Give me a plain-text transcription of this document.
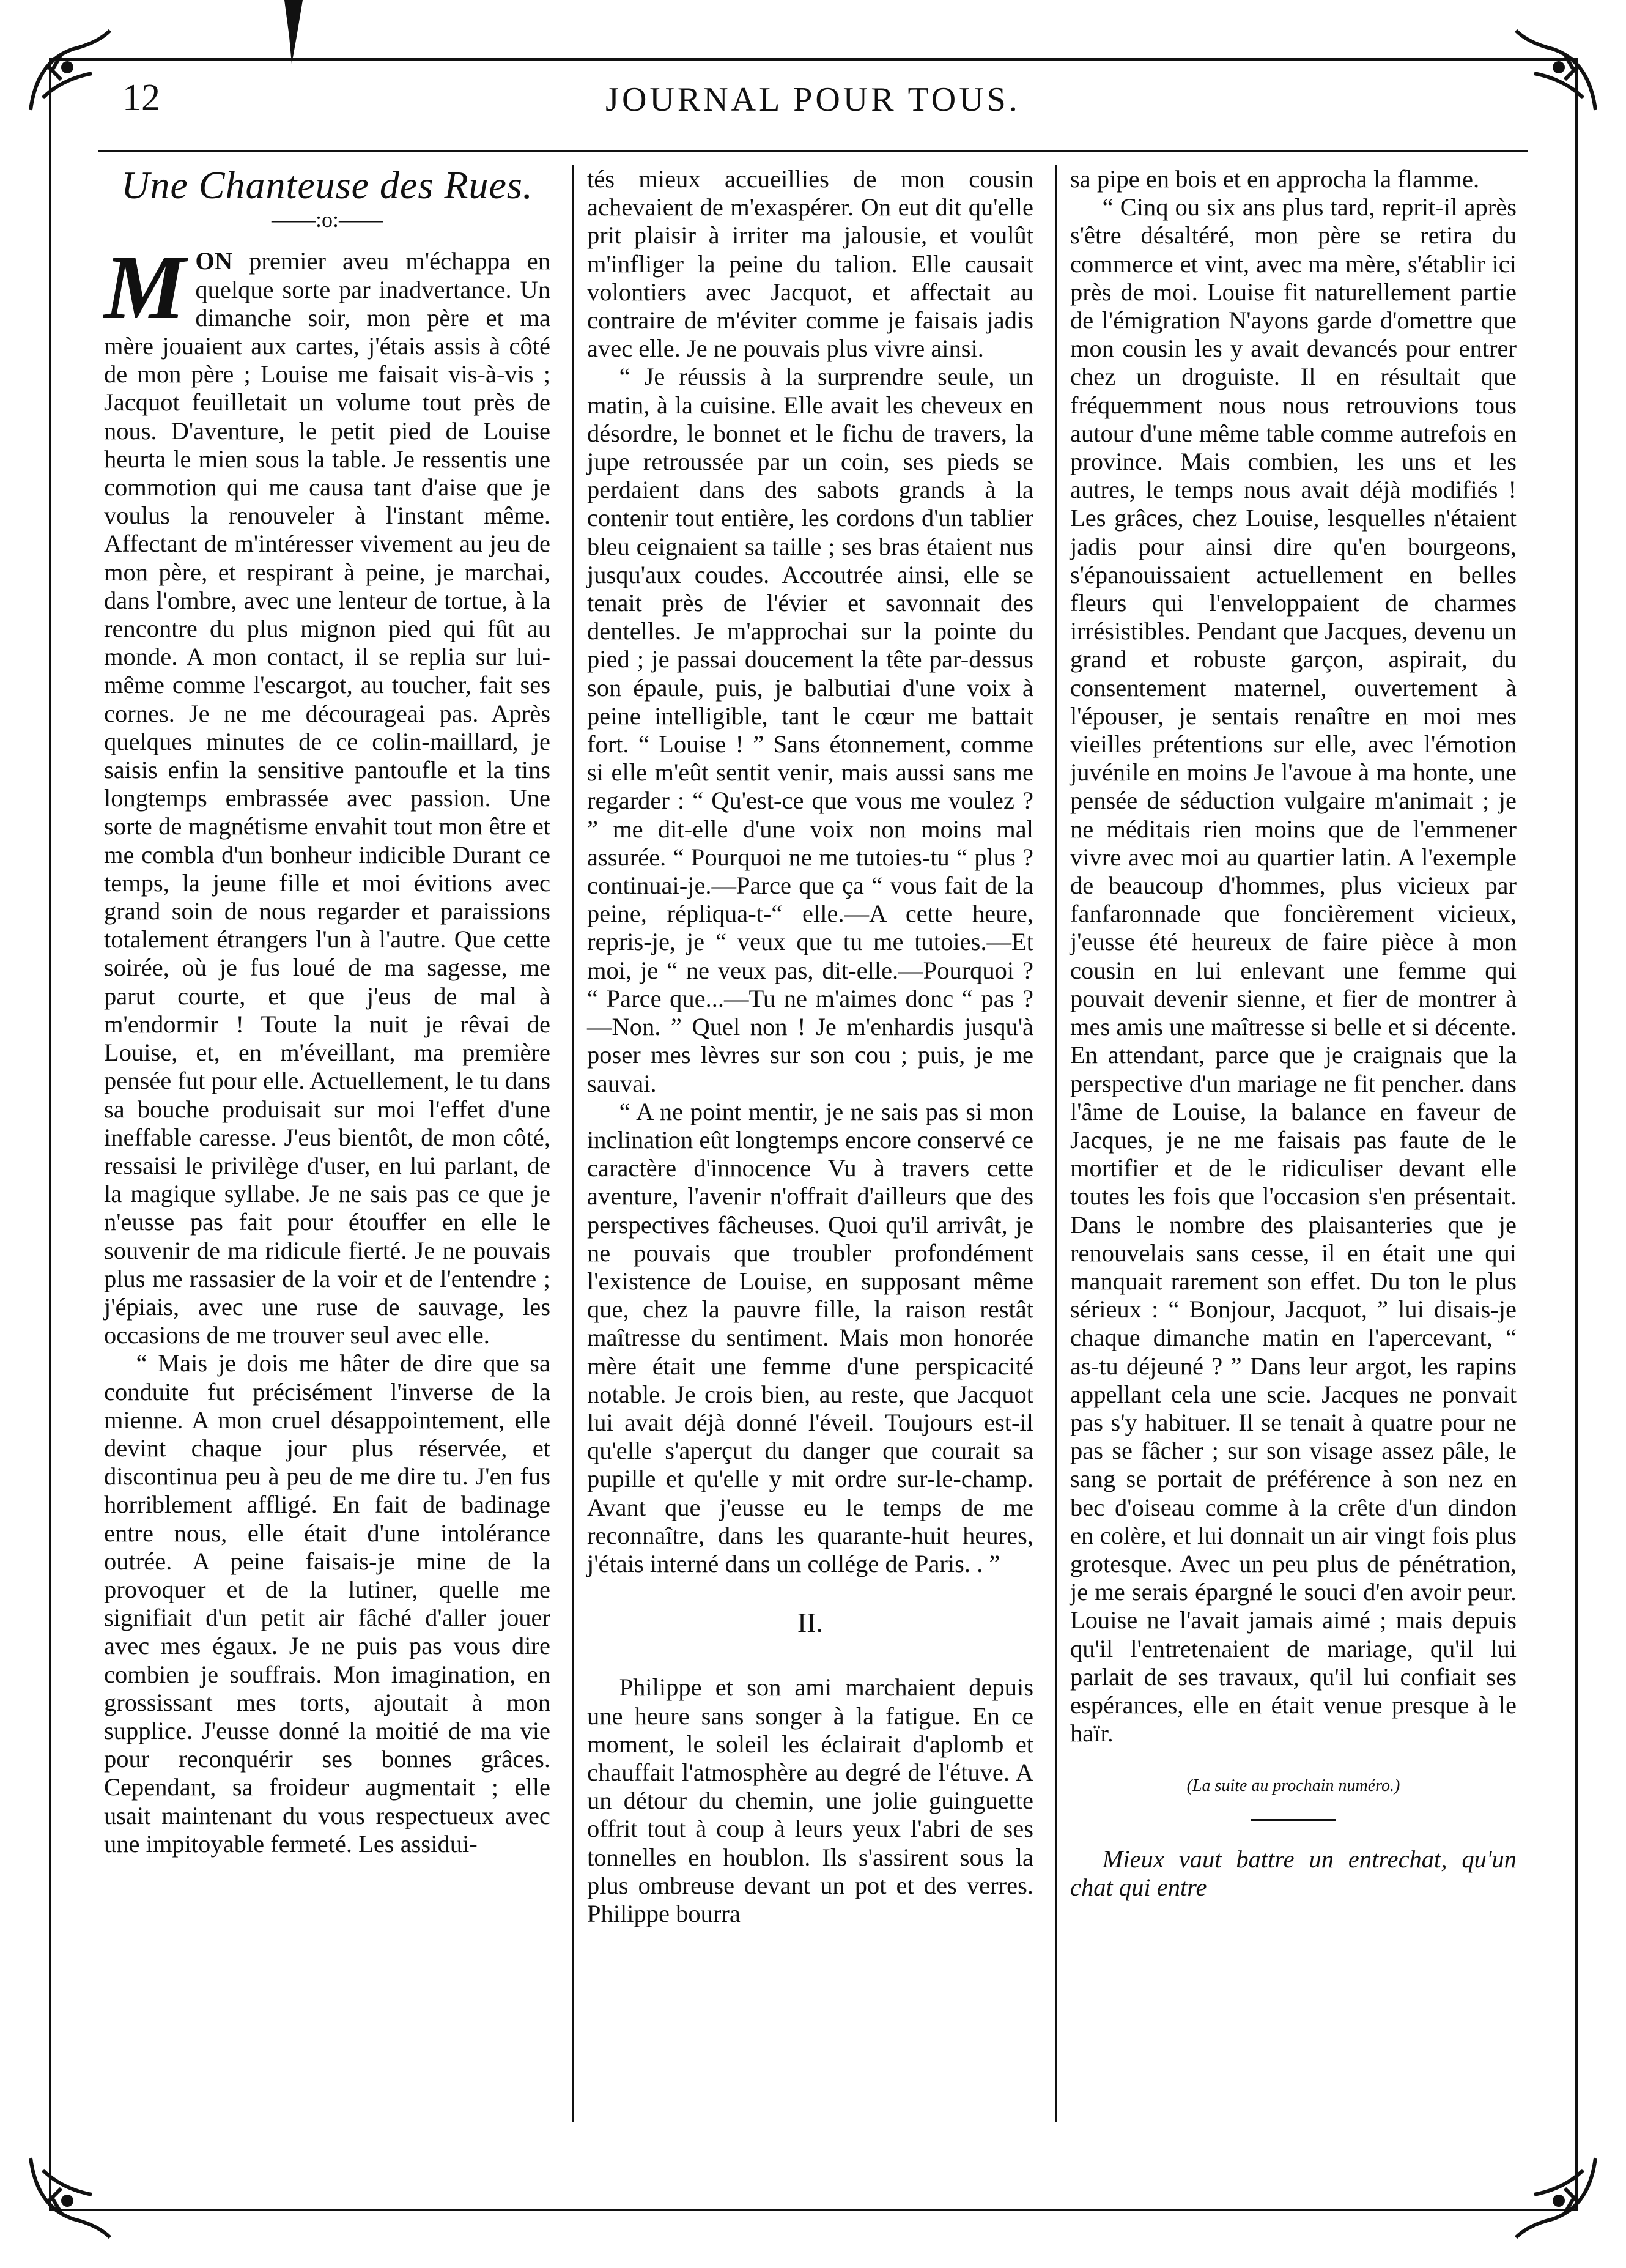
12	JOURNAL POUR TOUS.
Une Chanteuse des Rues.
——:o:——

MON premier aveu m'échappa en quelque sorte par inadvertance. Un dimanche soir, mon père et ma mère jouaient aux cartes, j'étais assis à côté de mon père ; Louise me faisait vis-à-vis ; Jacquot feuilletait un volume tout près de nous. D'aventure, le petit pied de Louise heurta le mien sous la table. Je ressentis une commotion qui me causa tant d'aise que je voulus la renouveler à l'instant même. Affectant de m'intéresser vivement au jeu de mon père, et respirant à peine, je marchai, dans l'ombre, avec une lenteur de tortue, à la rencontre du plus mignon pied qui fût au monde. A mon contact, il se replia sur lui-même comme l'escargot, au toucher, fait ses cornes. Je ne me décourageai pas. Après quelques minutes de ce colin-maillard, je saisis enfin la sensitive pantoufle et la tins longtemps embrassée avec passion. Une sorte de magnétisme envahit tout mon être et me combla d'un bonheur indicible Durant ce temps, la jeune fille et moi évitions avec grand soin de nous regarder et paraissions totalement étrangers l'un à l'autre. Que cette soirée, où je fus loué de ma sagesse, me parut courte, et que j'eus de mal à m'endormir ! Toute la nuit je rêvai de Louise, et, en m'éveillant, ma première pensée fut pour elle. Actuellement, le tu dans sa bouche produisait sur moi l'effet d'une ineffable caresse. J'eus bientôt, de mon côté, ressaisi le privilège d'user, en lui parlant, de la magique syllabe. Je ne sais pas ce que je n'eusse pas fait pour étouffer en elle le souvenir de ma ridicule fierté. Je ne pouvais plus me rassasier de la voir et de l'entendre ; j'épiais, avec une ruse de sauvage, les occasions de me trouver seul avec elle.

“ Mais je dois me hâter de dire que sa conduite fut précisément l'inverse de la mienne. A mon cruel désappointement, elle devint chaque jour plus réservée, et discontinua peu à peu de me dire tu. J'en fus horriblement affligé. En fait de badinage entre nous, elle était d'une intolérance outrée. A peine faisais-je mine de la provoquer et de la lutiner, quelle me signifiait d'un petit air fâché d'aller jouer avec mes égaux. Je ne puis pas vous dire combien je souffrais. Mon imagination, en grossissant mes torts, ajoutait à mon supplice. J'eusse donné la moitié de ma vie pour reconquérir ses bonnes grâces. Cependant, sa froideur augmentait ; elle usait maintenant du vous respectueux avec une impitoyable fermeté. Les assidui-

tés mieux accueillies de mon cousin achevaient de m'exaspérer. On eut dit qu'elle prit plaisir à irriter ma jalousie, et voulût m'infliger la peine du talion. Elle causait volontiers avec Jacquot, et affectait au contraire de m'éviter comme je faisais jadis avec elle. Je ne pouvais plus vivre ainsi.

“ Je réussis à la surprendre seule, un matin, à la cuisine. Elle avait les cheveux en désordre, le bonnet et le fichu de travers, la jupe retroussée par un coin, ses pieds se perdaient dans des sabots grands à la contenir tout entière, les cordons d'un tablier bleu ceignaient sa taille ; ses bras étaient nus jusqu'aux coudes. Accoutrée ainsi, elle se tenait près de l'évier et savonnait des dentelles. Je m'approchai sur la pointe du pied ; je passai doucement la tête par-dessus son épaule, puis, je balbutiai d'une voix à peine intelligible, tant le cœur me battait fort. “ Louise ! ” Sans étonnement, comme si elle m'eût sentit venir, mais aussi sans me regarder : “ Qu'est-ce que vous me voulez ? ” me dit-elle d'une voix non moins mal assurée. “ Pourquoi ne me tutoies-tu “ plus ? continuai-je.—Parce que ça “ vous fait de la peine, répliqua-t-“ elle.—A cette heure, repris-je, je “ veux que tu me tutoies.—Et moi, je “ ne veux pas, dit-elle.—Pourquoi ? “ Parce que...—Tu ne m'aimes donc “ pas ?—Non. ” Quel non ! Je m'enhardis jusqu'à poser mes lèvres sur son cou ; puis, je me sauvai.

“ A ne point mentir, je ne sais pas si mon inclination eût longtemps encore conservé ce caractère d'innocence Vu à travers cette aventure, l'avenir n'offrait d'ailleurs que des perspectives fâcheuses. Quoi qu'il arrivât, je ne pouvais que troubler profondément l'existence de Louise, en supposant même que, chez la pauvre fille, la raison restât maîtresse du sentiment. Mais mon honorée mère était une femme d'une perspicacité notable. Je crois bien, au reste, que Jacquot lui avait déjà donné l'éveil. Toujours est-il qu'elle s'aperçut du danger que courait sa pupille et qu'elle y mit ordre sur-le-champ. Avant que j'eusse eu le temps de me reconnaître, dans les quarante-huit heures, j'étais interné dans un collége de Paris. . ”

II.

Philippe et son ami marchaient depuis une heure sans songer à la fatigue. En ce moment, le soleil les éclairait d'aplomb et chauffait l'atmosphère au degré de l'étuve. A un détour du chemin, une jolie guinguette offrit tout à coup à leurs yeux l'abri de ses tonnelles en houblon. Ils s'assirent sous la plus ombreuse devant un pot et des verres. Philippe bourra

sa pipe en bois et en approcha la flamme.

“ Cinq ou six ans plus tard, reprit-il après s'être désaltéré, mon père se retira du commerce et vint, avec ma mère, s'établir ici près de moi. Louise fit naturellement partie de l'émigration N'ayons garde d'omettre que mon cousin les y avait devancés pour entrer chez un droguiste. Il en résultait que fréquemment nous nous retrouvions tous autour d'une même table comme autrefois en province. Mais combien, les uns et les autres, le temps nous avait déjà modifiés ! Les grâces, chez Louise, lesquelles n'étaient jadis pour ainsi dire qu'en bourgeons, s'épanouissaient actuellement en belles fleurs qui l'enveloppaient de charmes irrésistibles. Pendant que Jacques, devenu un grand et robuste garçon, aspirait, du consentement maternel, ouvertement à l'épouser, je sentais renaître en moi mes vieilles prétentions sur elle, avec l'émotion juvénile en moins Je l'avoue à ma honte, une pensée de séduction vulgaire m'animait ; je ne méditais rien moins que de l'emmener vivre avec moi au quartier latin. A l'exemple de beaucoup d'hommes, plus vicieux par fanfaronnade que foncièrement vicieux, j'eusse été heureux de faire pièce à mon cousin en lui enlevant une femme qui pouvait devenir sienne, et fier de montrer à mes amis une maîtresse si belle et si décente. En attendant, parce que je craignais que la perspective d'un mariage ne fit pencher. dans l'âme de Louise, la balance en faveur de Jacques, je ne me faisais pas faute de le mortifier et de le ridiculiser devant elle toutes les fois que l'occasion s'en présentait. Dans le nombre des plaisanteries que je renouvelais sans cesse, il en était une qui manquait rarement son effet. Du ton le plus sérieux : “ Bonjour, Jacquot, ” lui disais-je chaque dimanche matin en l'apercevant, “ as-tu déjeuné ? ” Dans leur argot, les rapins appellant cela une scie. Jacques ne ponvait pas s'y habituer. Il se tenait à quatre pour ne pas se fâcher ; sur son visage assez pâle, le sang se portait de préférence à son nez en bec d'oiseau comme à la crête d'un dindon en colère, et lui donnait un air vingt fois plus grotesque. Avec un peu plus de pénétration, je me serais épargné le souci d'en avoir peur. Louise ne l'avait jamais aimé ; mais depuis qu'il l'entretenaient de mariage, qu'il lui parlait de ses travaux, qu'il lui confiait ses espérances, elle en était venue presque à le haïr.

(La suite au prochain numéro.)

Mieux vaut battre un entrechat, qu'un chat qui entre
